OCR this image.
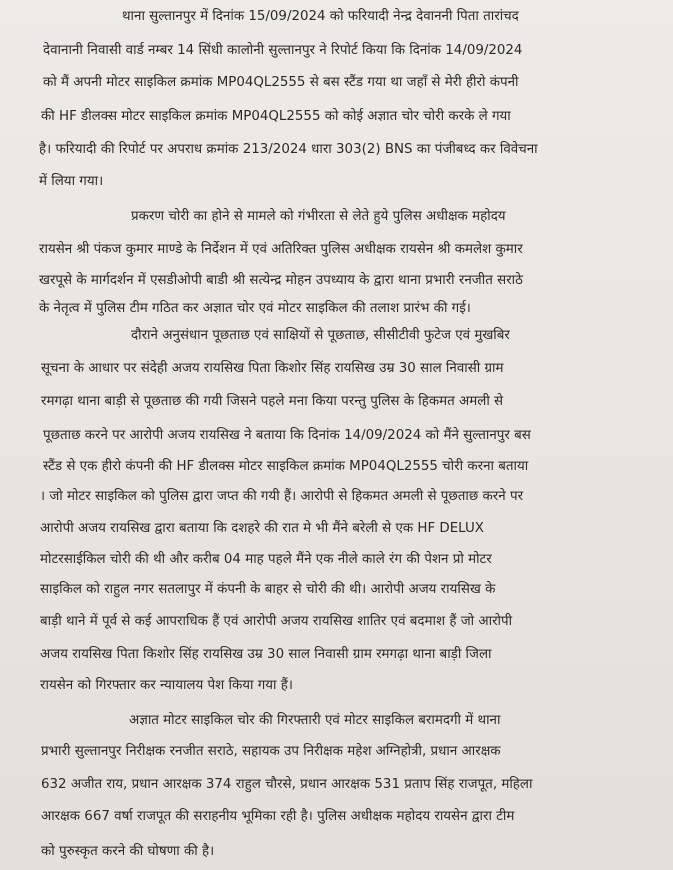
थाना सुल्तानपुर में दिनांक 15/09/2024 को फरियादी नेन्द्र देवाननी पिता तारांचद
देवानानी निवासी वार्ड नम्बर 14 सिंधी कालोनी सुल्तानपुर ने रिपोर्ट किया कि दिनांक 14/09/2024
को मैं अपनी मोटर साइकिल क्रमांक MP04QL2555 से बस स्टैंड गया था जहाँ से मेरी हीरो कंपनी
की HF डीलक्स मोटर साइकिल क्रमांक MP04QL2555 को कोई अज्ञात चोर चोरी करके ले गया
है। फरियादी की रिपोर्ट पर अपराध क्रमांक 213/2024 धारा 303(2) BNS का पंजीबध्द कर विवेचना
में लिया गया।
प्रकरण चोरी का होने से मामले को गंभीरता से लेते हुये पुलिस अधीक्षक महोदय
रायसेन श्री पंकज कुमार माण्डे के निर्देशन में एवं अतिरिक्त पुलिस अधीक्षक रायसेन श्री कमलेश कुमार
खरपूसे के मार्गदर्शन में एसडीओपी बाडी श्री सत्येन्द्र मोहन उपध्याय के द्वारा थाना प्रभारी रनजीत सराठे
के नेतृत्व में पुलिस टीम गठित कर अज्ञात चोर एवं मोटर साइकिल की तलाश प्रारंभ की गई।
दौराने अनुसंधान पूछताछ एवं साक्षियों से पूछताछ, सीसीटीवी फुटेज एवं मुखबिर
सूचना के आधार पर संदेही अजय रायसिख पिता किशोर सिंह रायसिख उम्र 30 साल निवासी ग्राम
रमगढ़ा थाना बाड़ी से पूछताछ की गयी जिसने पहले मना किया परन्तु पुलिस के हिकमत अमली से
पूछताछ करने पर आरोपी अजय रायसिख ने बताया कि दिनांक 14/09/2024 को मैंने सुल्तानपुर बस
स्टैंड से एक हीरो कंपनी की HF डीलक्स मोटर साइकिल क्रमांक MP04QL2555 चोरी करना बताया
। जो मोटर साइकिल को पुलिस द्वारा जप्त की गयी हैं। आरोपी से हिकमत अमली से पूछताछ करने पर
आरोपी अजय रायसिख द्वारा बताया कि दशहरे की रात मे भी मैंने बरेली से एक HF DELUX
मोटरसाईकिल चोरी की थी और करीब 04 माह पहले मैंने एक नीले काले रंग की पेशन प्रो मोटर
साइकिल को राहुल नगर सतलापुर में कंपनी के बाहर से चोरी की थी। आरोपी अजय रायसिख के
बाड़ी थाने में पूर्व से कई आपराधिक हैं एवं आरोपी अजय रायसिख शातिर एवं बदमाश हैं जो आरोपी
अजय रायसिख पिता किशोर सिंह रायसिख उम्र 30 साल निवासी ग्राम रमगढ़ा थाना बाड़ी जिला
रायसेन को गिरफ्तार कर न्यायालय पेश किया गया हैं।
अज्ञात मोटर साइकिल चोर की गिरफ्तारी एवं मोटर साइकिल बरामदगी में थाना
प्रभारी सुल्तानपुर निरीक्षक रनजीत सराठे, सहायक उप निरीक्षक महेश अग्निहोत्री, प्रधान आरक्षक
632 अजीत राय, प्रधान आरक्षक 374 राहुल चौरसे, प्रधान आरक्षक 531 प्रताप सिंह राजपूत, महिला
आरक्षक 667 वर्षा राजपूत की सराहनीय भूमिका रही है। पुलिस अधीक्षक महोदय रायसेन द्वारा टीम
को पुरुस्कृत करने की घोषणा की है।
